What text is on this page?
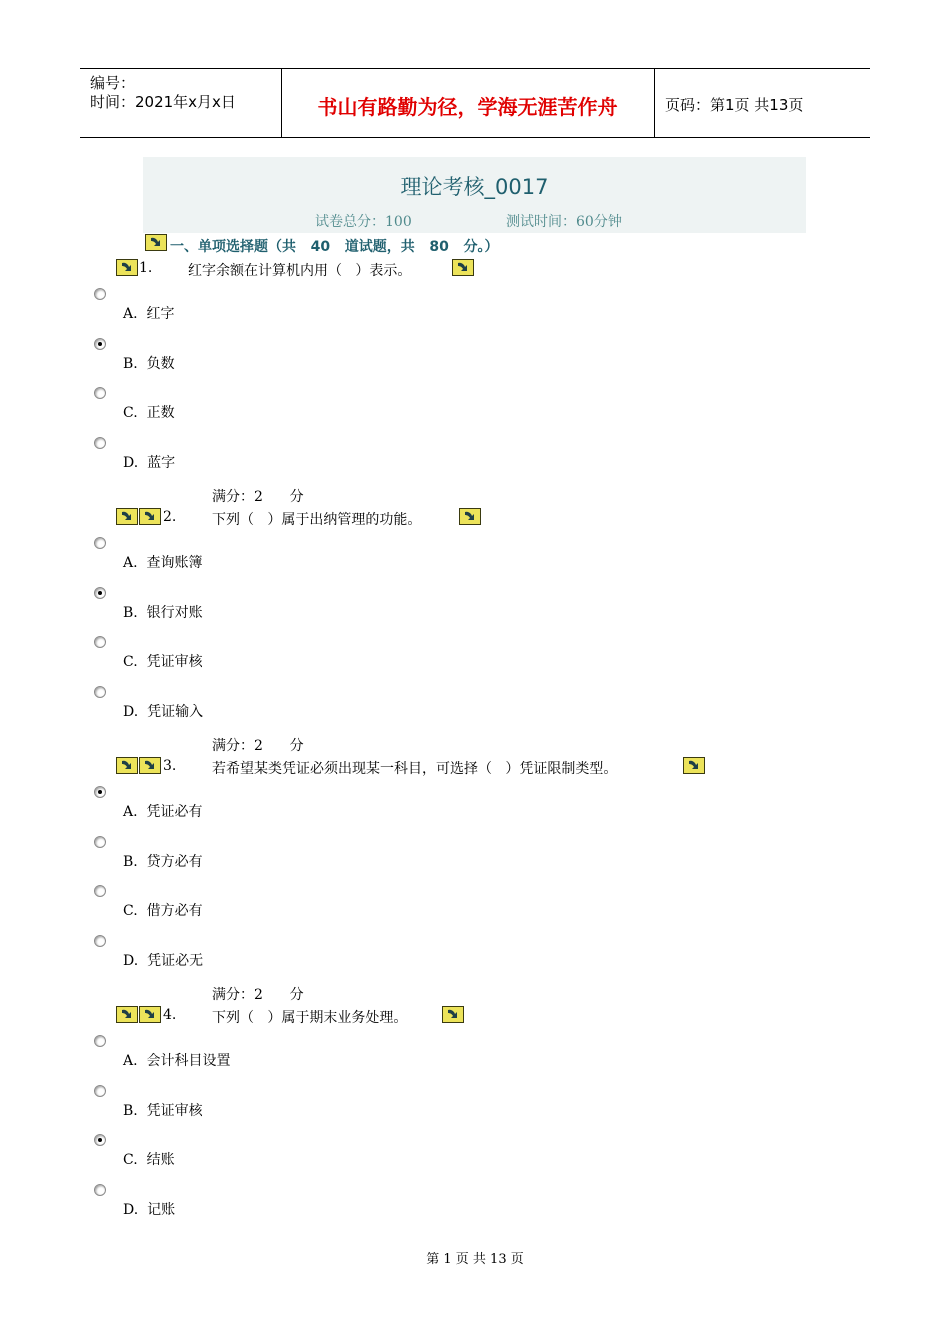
编号：
时间：2021年x月x日	书山有路勤为径，学海无涯苦作舟	页码：第1页 共13页
理论考核_0017
试卷总分：100	测试时间：60分钟
一、单项选择题（共   40   道试题，共   80   分。）
1.	红字余额在计算机内用（   ）表示。
A.  红字
B.  负数
C.  正数
D.  蓝字
满分：2      分
2.	下列（   ）属于出纳管理的功能。
A.  查询账簿
B.  银行对账
C.  凭证审核
D.  凭证输入
满分：2      分
3.	若希望某类凭证必须出现某一科目，可选择（   ）凭证限制类型。
A.  凭证必有
B.  贷方必有
C.  借方必有
D.  凭证必无
满分：2      分
4.	下列（   ）属于期末业务处理。
A.  会计科目设置
B.  凭证审核
C.  结账
D.  记账
第 1 页 共 13 页
